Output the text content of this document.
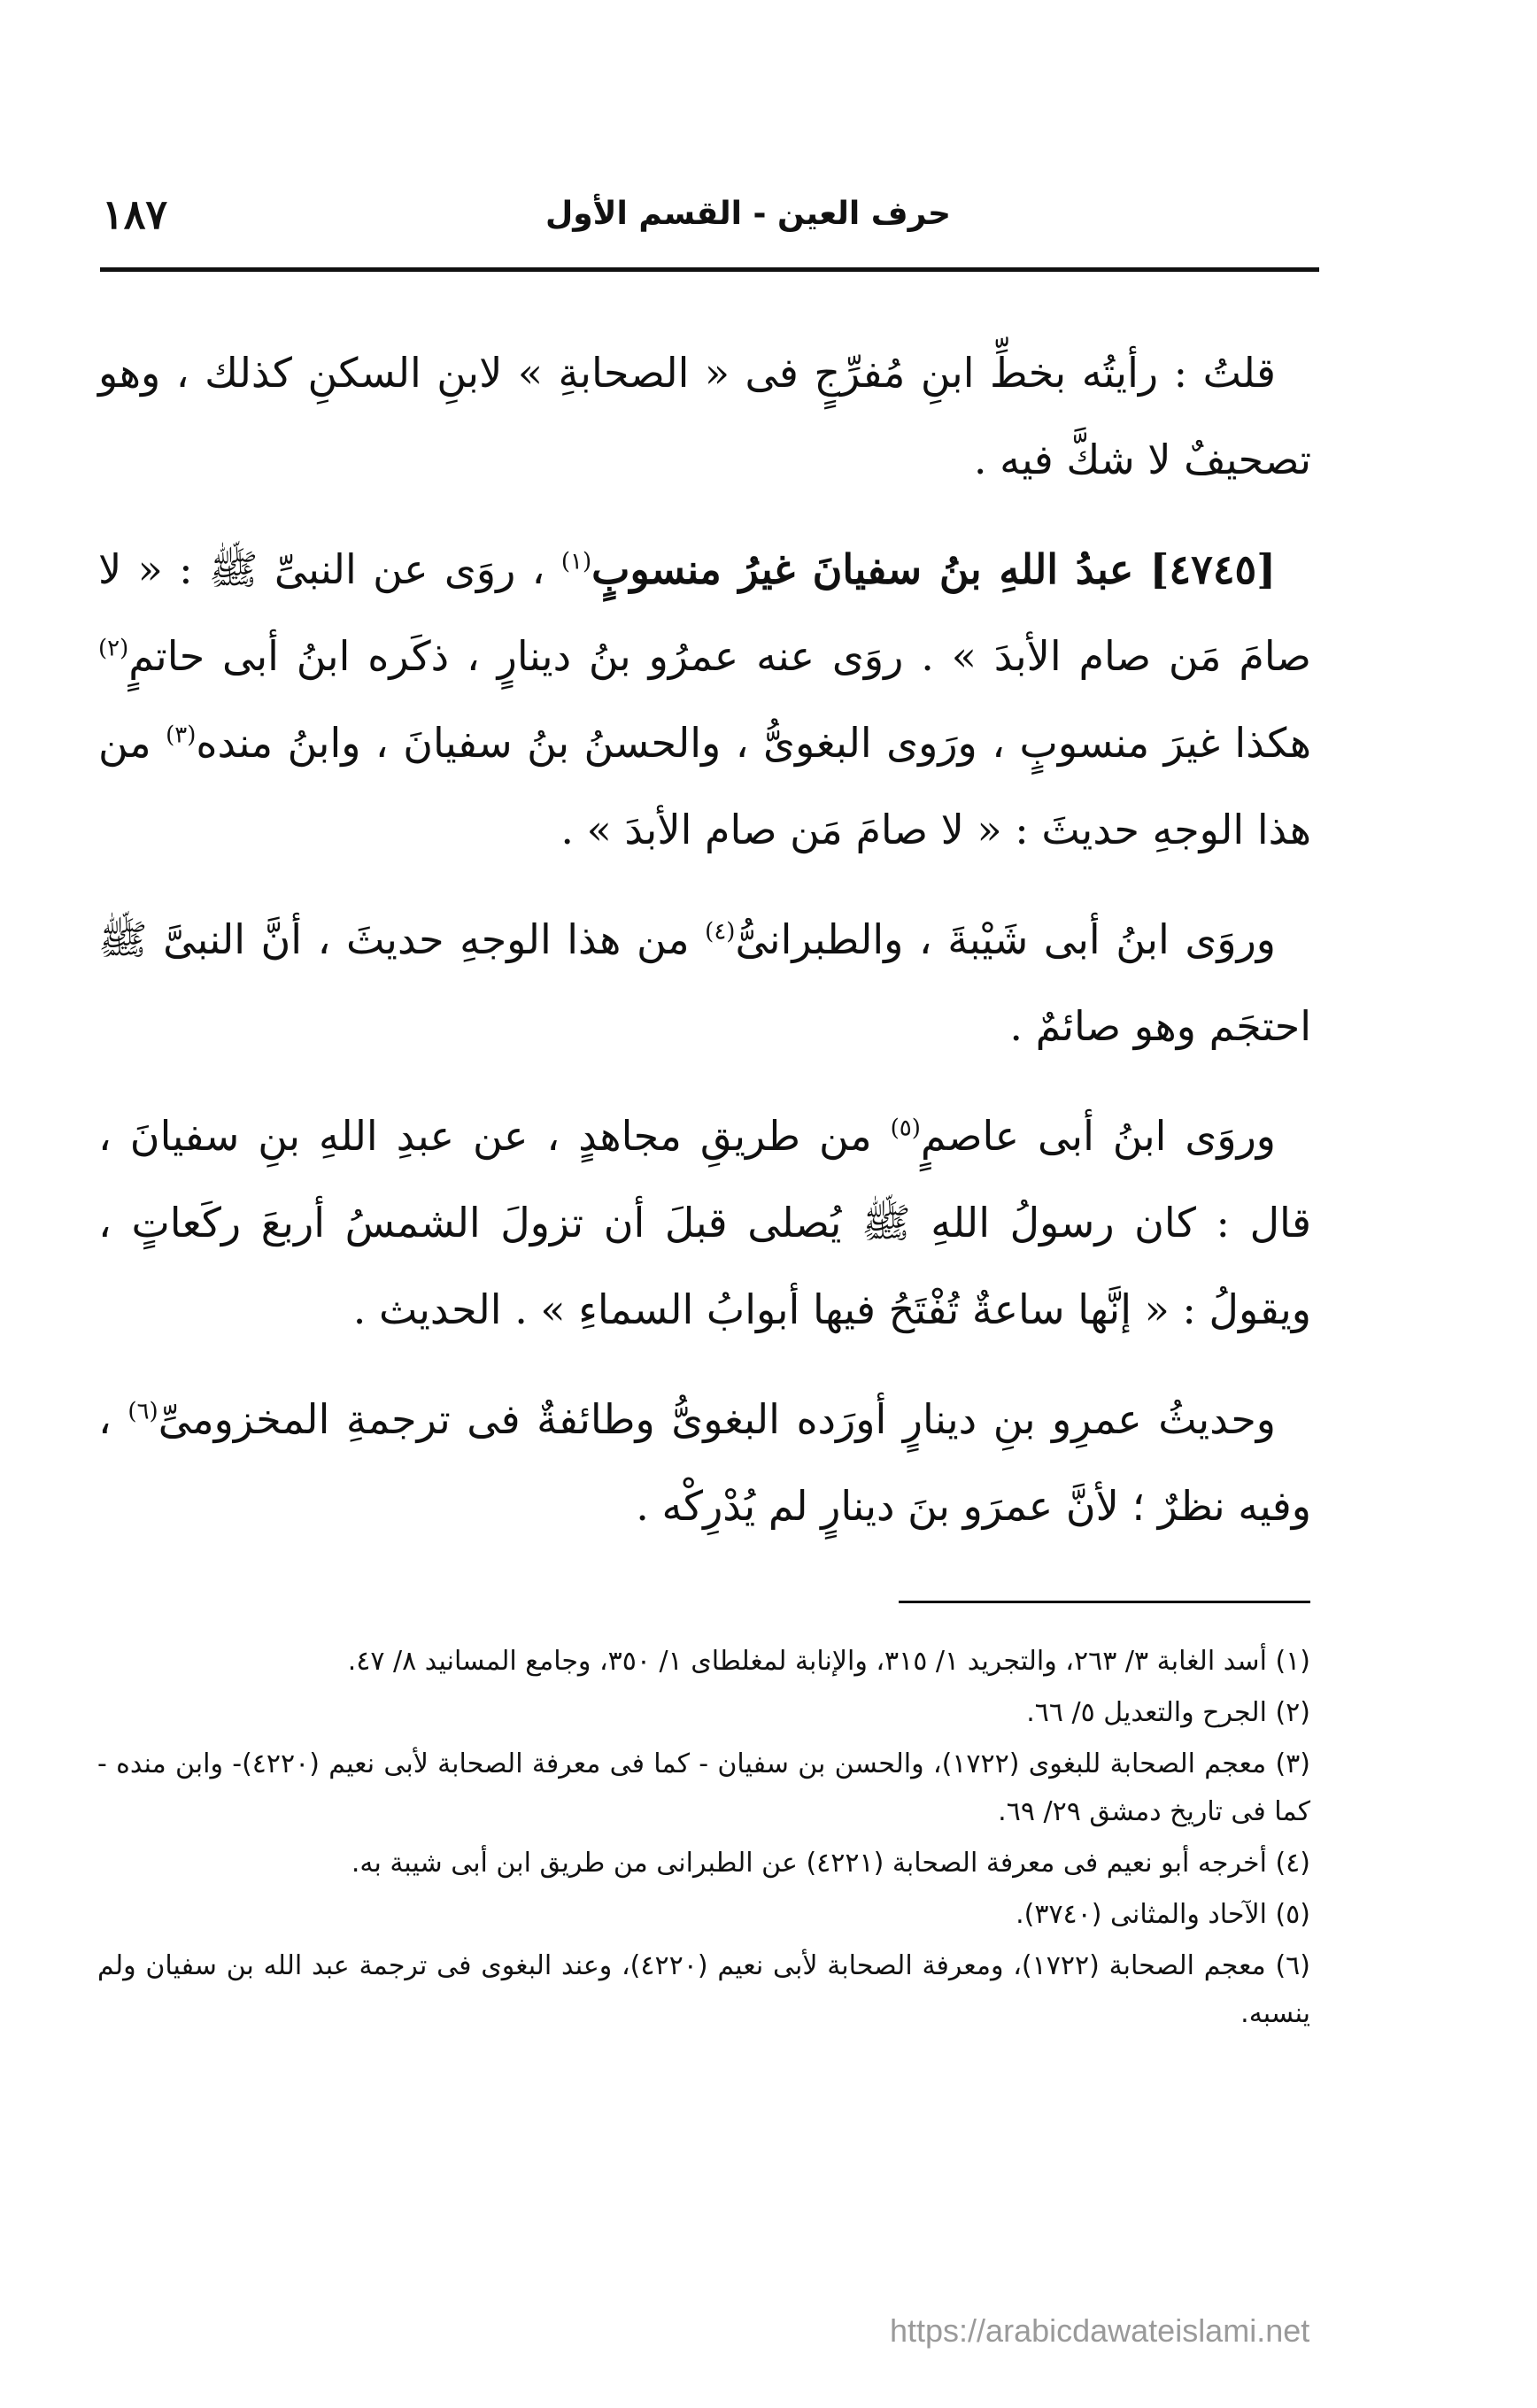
١٨٧	حرف العين - القسم الأول

قلتُ : رأيتُه بخطِّ ابنِ مُفرِّجٍ فى « الصحابةِ » لابنِ السكنِ كذلك ، وهو تصحيفٌ لا شكَّ فيه .

[٤٧٤٥] عبدُ اللهِ بنُ سفيانَ غيرُ منسوبٍ$^{(١)}$ ، روَى عن النبىِّ ﷺ : « لا صامَ مَن صام الأبدَ » . روَى عنه عمرُو بنُ دينارٍ ، ذكَره ابنُ أبى حاتمٍ$^{(٢)}$ هكذا غيرَ منسوبٍ ، ورَوى البغوىُّ ، والحسنُ بنُ سفيانَ ، وابنُ منده$^{(٣)}$ من هذا الوجهِ حديثَ : « لا صامَ مَن صام الأبدَ » .

وروَى ابنُ أبى شَيْبةَ ، والطبرانىُّ$^{(٤)}$ من هذا الوجهِ حديثَ ، أنَّ النبىَّ ﷺ احتجَم وهو صائمٌ .

وروَى ابنُ أبى عاصمٍ$^{(٥)}$ من طريقِ مجاهدٍ ، عن عبدِ اللهِ بنِ سفيانَ ، قال : كان رسولُ اللهِ ﷺ يُصلى قبلَ أن تزولَ الشمسُ أربعَ ركَعاتٍ ، ويقولُ : « إنَّها ساعةٌ تُفْتَحُ فيها أبوابُ السماءِ » . الحديث .

وحديثُ عمرِو بنِ دينارٍ أورَده البغوىُّ وطائفةٌ فى ترجمةِ المخزومىِّ$^{(٦)}$ ، وفيه نظرٌ ؛ لأنَّ عمرَو بنَ دينارٍ لم يُدْرِكْه .

(١) أسد الغابة ٣/ ٢٦٣، والتجريد ١/ ٣١٥، والإنابة لمغلطاى ١/ ٣٥٠، وجامع المسانيد ٨/ ٤٧.
(٢) الجرح والتعديل ٥/ ٦٦.
(٣) معجم الصحابة للبغوى (١٧٢٢)، والحسن بن سفيان - كما فى معرفة الصحابة لأبى نعيم (٤٢٢٠)- وابن منده - كما فى تاريخ دمشق ٢٩/ ٦٩.
(٤) أخرجه أبو نعيم فى معرفة الصحابة (٤٢٢١) عن الطبرانى من طريق ابن أبى شيبة به.
(٥) الآحاد والمثانى (٣٧٤٠).
(٦) معجم الصحابة (١٧٢٢)، ومعرفة الصحابة لأبى نعيم (٤٢٢٠)، وعند البغوى فى ترجمة عبد الله بن سفيان ولم ينسبه.
https://arabicdawateislami.net
